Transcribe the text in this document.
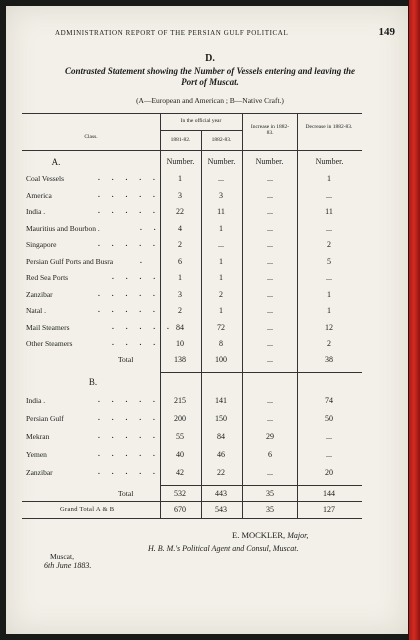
ADMINISTRATION REPORT OF THE PERSIAN GULF POLITICAL	149
D.
Contrasted Statement showing the Number of Vessels entering and leaving the
Port of Muscat.
(A—European and American ; B—Native Craft.)
Class.
In the official year
1881-82.	1882-83.
Increase in 1882-83.
Decrease in 1882-83.
A.	Number.	Number.	Number.	Number.
Coal Vessels	. . . . .	1	...	...	1
America	. . . . .	3	3	...	...
India .	. . . . .	22	11	...	11
Mauritius and Bourbon .	. .	4	1	...	...
Singapore	. . . . .	2	...	...	2
Persian Gulf Ports and Busra	.	6	1	...	5
Red Sea Ports	. . . .	1	1	...	...
Zanzibar	. . . . .	3	2	...	1
Natal .	. . . . .	2	1	...	1
Mail Steamers	. . . . . 84	72	...	12
Other Steamers	. . . .	10	8	...	2
Total	138	100	...	38
B.
India .	. . . . .	215	141	...	74
Persian Gulf	. . . . .	200	150	...	50
Mekran	. . . . .	55	84	29	...
Yemen	. . . . .	40	46	6	...
Zanzibar	. . . . .	42	22	...	20
Total	532	443	35	144
Grand Total A & B	670	543	35	127
E. MOCKLER, Major,
H. B. M.'s Political Agent and Consul, Muscat.
Muscat,
6th June 1883.
